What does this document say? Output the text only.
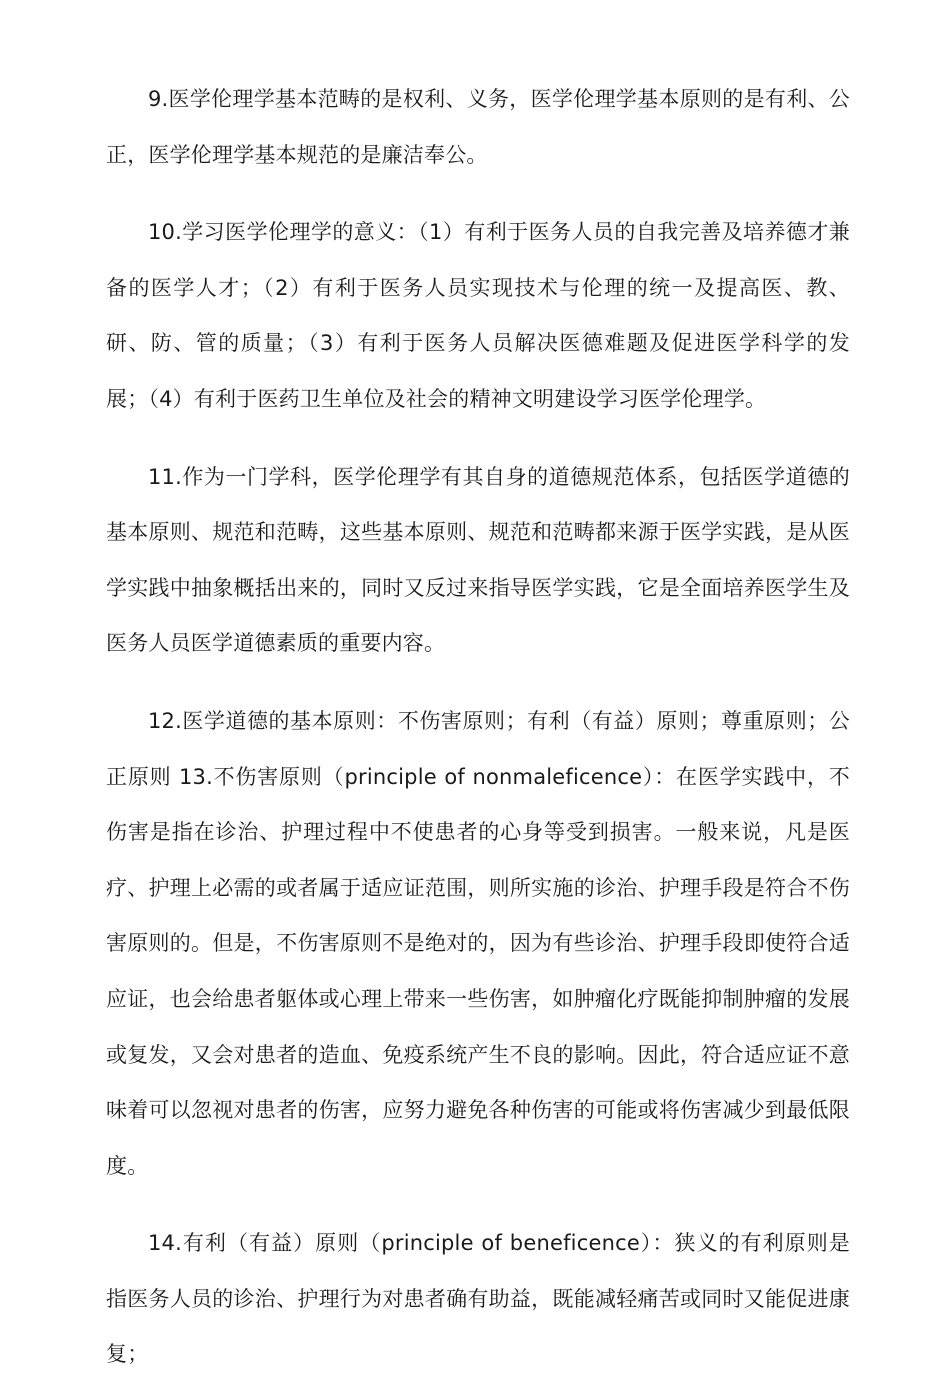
9.医学伦理学基本范畴的是权利、义务，医学伦理学基本原则的是有利、公正，医学伦理学基本规范的是廉洁奉公。

10.学习医学伦理学的意义：（1）有利于医务人员的自我完善及培养德才兼备的医学人才；（2）有利于医务人员实现技术与伦理的统一及提高医、教、研、防、管的质量；（3）有利于医务人员解决医德难题及促进医学科学的发展；（4）有利于医药卫生单位及社会的精神文明建设学习医学伦理学。

11.作为一门学科，医学伦理学有其自身的道德规范体系，包括医学道德的基本原则、规范和范畴，这些基本原则、规范和范畴都来源于医学实践，是从医学实践中抽象概括出来的，同时又反过来指导医学实践，它是全面培养医学生及医务人员医学道德素质的重要内容。

12.医学道德的基本原则：不伤害原则；有利（有益）原则；尊重原则；公正原则 13.不伤害原则（principle of nonmaleficence）：在医学实践中，不伤害是指在诊治、护理过程中不使患者的心身等受到损害。一般来说，凡是医疗、护理上必需的或者属于适应证范围，则所实施的诊治、护理手段是符合不伤害原则的。但是，不伤害原则不是绝对的，因为有些诊治、护理手段即使符合适应证，也会给患者躯体或心理上带来一些伤害，如肿瘤化疗既能抑制肿瘤的发展或复发，又会对患者的造血、免疫系统产生不良的影响。因此，符合适应证不意味着可以忽视对患者的伤害，应努力避免各种伤害的可能或将伤害减少到最低限度。

14.有利（有益）原则（principle of beneficence）：狭义的有利原则是指医务人员的诊治、护理行为对患者确有助益，既能减轻痛苦或同时又能促进康复；
